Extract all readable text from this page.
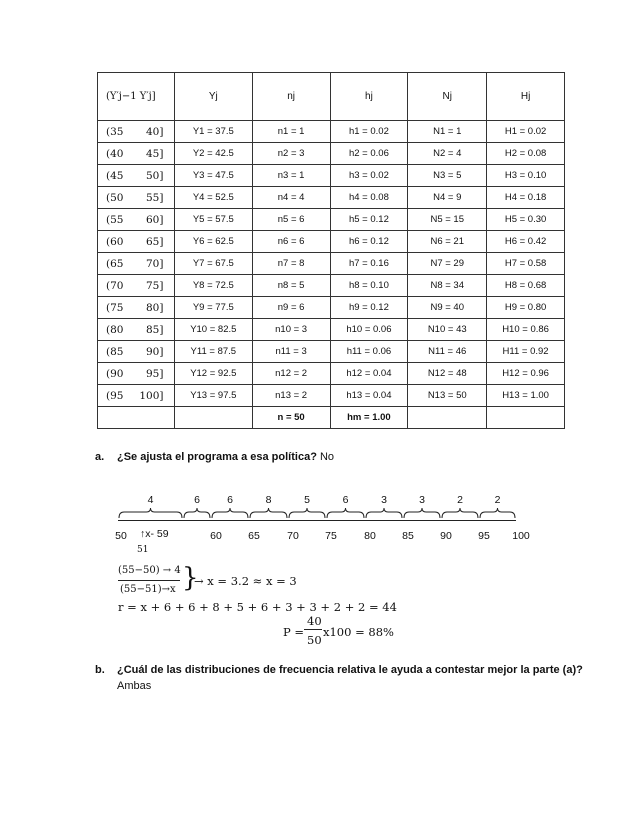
(Y′j−1 Y′j]	Yj	nj	hj	Nj	Hj
(35 40]	Y1 = 37.5	n1 = 1	h1 = 0.02	N1 = 1	H1 = 0.02
(40 45]	Y2 = 42.5	n2 = 3	h2 = 0.06	N2 = 4	H2 = 0.08
(45 50]	Y3 = 47.5	n3 = 1	h3 = 0.02	N3 = 5	H3 = 0.10
(50 55]	Y4 = 52.5	n4 = 4	h4 = 0.08	N4 = 9	H4 = 0.18
(55 60]	Y5 = 57.5	n5 = 6	h5 = 0.12	N5 = 15	H5 = 0.30
(60 65]	Y6 = 62.5	n6 = 6	h6 = 0.12	N6 = 21	H6 = 0.42
(65 70]	Y7 = 67.5	n7 = 8	h7 = 0.16	N7 = 29	H7 = 0.58
(70 75]	Y8 = 72.5	n8 = 5	h8 = 0.10	N8 = 34	H8 = 0.68
(75 80]	Y9 = 77.5	n9 = 6	h9 = 0.12	N9 = 40	H9 = 0.80
(80 85]	Y10 = 82.5	n10 = 3	h10 = 0.06	N10 = 43	H10 = 0.86
(85 90]	Y11 = 87.5	n11 = 3	h11 = 0.06	N11 = 46	H11 = 0.92
(90 95]	Y12 = 92.5	n12 = 2	h12 = 0.04	N12 = 48	H12 = 0.96
(95 100]	Y13 = 97.5	n13 = 2	h13 = 0.04	N13 = 50	H13 = 1.00
		n = 50	hm = 1.00		
a. ¿Se ajusta el programa a esa política? No
50	60	65	70	75	80	85	90	95	100
4	6	6	8	5	6	3	3	2	2
↑x- 59
51
(55−50) → 4
(55−51)→x }
→ x = 3.2 ≈ x = 3
r = x + 6 + 6 + 8 + 5 + 6 + 3 + 3 + 2 + 2 = 44
P =
40
50
x100 = 88%
b. ¿Cuál de las distribuciones de frecuencia relativa le ayuda a contestar mejor la parte (a)?
Ambas
